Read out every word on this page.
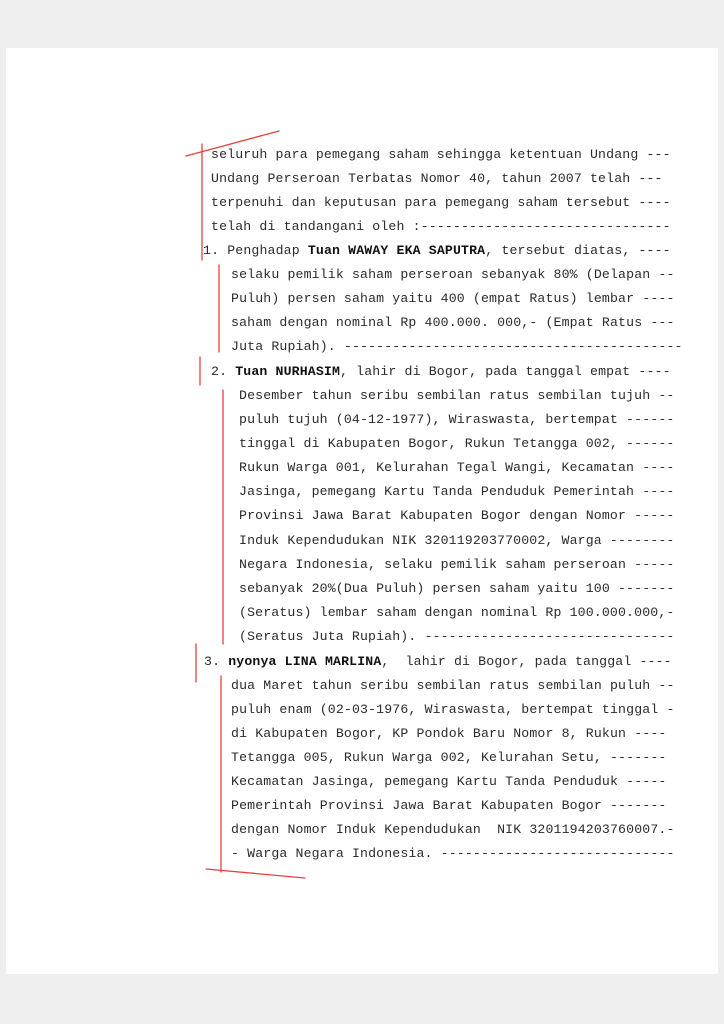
seluruh para pemegang saham sehingga ketentuan Undang ---
Undang Perseroan Terbatas Nomor 40, tahun 2007 telah ---
terpenuhi dan keputusan para pemegang saham tersebut ----
telah di tandangani oleh :-------------------------------
1. Penghadap Tuan WAWAY EKA SAPUTRA, tersebut diatas, ----
selaku pemilik saham perseroan sebanyak 80% (Delapan --
Puluh) persen saham yaitu 400 (empat Ratus) lembar ----
saham dengan nominal Rp 400.000. 000,- (Empat Ratus ---
Juta Rupiah). ------------------------------------------
2. Tuan NURHASIM, lahir di Bogor, pada tanggal empat ----
Desember tahun seribu sembilan ratus sembilan tujuh --
puluh tujuh (04-12-1977), Wiraswasta, bertempat ------
tinggal di Kabupaten Bogor, Rukun Tetangga 002, ------
Rukun Warga 001, Kelurahan Tegal Wangi, Kecamatan ----
Jasinga, pemegang Kartu Tanda Penduduk Pemerintah ----
Provinsi Jawa Barat Kabupaten Bogor dengan Nomor -----
Induk Kependudukan NIK 320119203770002, Warga --------
Negara Indonesia, selaku pemilik saham perseroan -----
sebanyak 20%(Dua Puluh) persen saham yaitu 100 -------
(Seratus) lembar saham dengan nominal Rp 100.000.000,-
(Seratus Juta Rupiah). -------------------------------
3. nyonya LINA MARLINA,  lahir di Bogor, pada tanggal ----
dua Maret tahun seribu sembilan ratus sembilan puluh --
puluh enam (02-03-1976, Wiraswasta, bertempat tinggal -
di Kabupaten Bogor, KP Pondok Baru Nomor 8, Rukun ----
Tetangga 005, Rukun Warga 002, Kelurahan Setu, -------
Kecamatan Jasinga, pemegang Kartu Tanda Penduduk -----
Pemerintah Provinsi Jawa Barat Kabupaten Bogor -------
dengan Nomor Induk Kependudukan  NIK 3201194203760007.-
- Warga Negara Indonesia. -----------------------------
